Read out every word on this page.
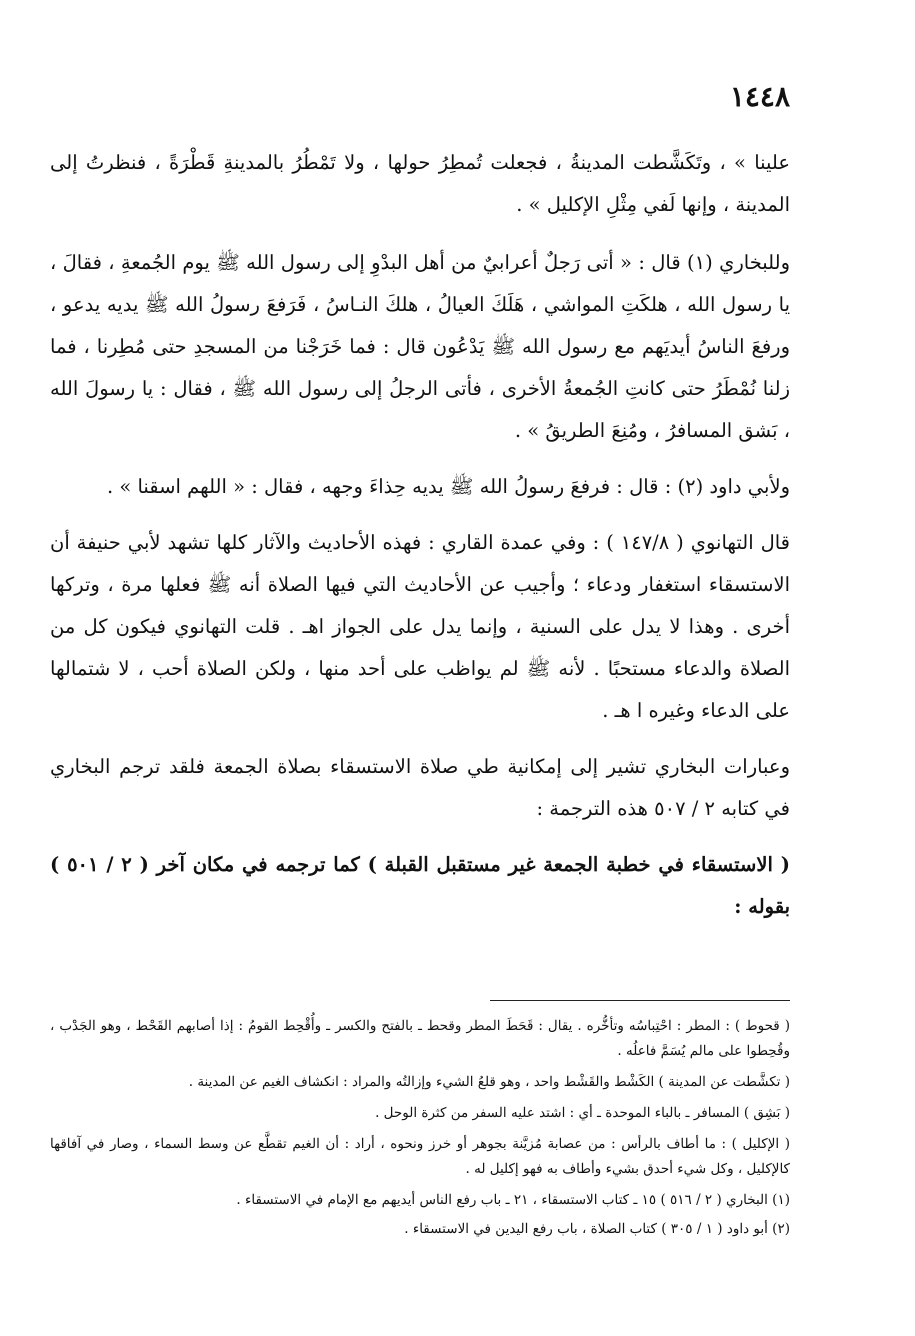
١٤٤٨

علينا » ، وتَكَشَّطت المدينةُ ، فجعلت تُمطِرُ حولها ، ولا تَمْطُرُ بالمدينةِ قَطْرَةً ، فنظرتُ إلى المدينة ، وإنها لَفي مِثْلِ الإكليل » .

وللبخاري (١) قال : « أتى رَجلٌ أعرابيٌ من أهل البدْوِ إلى رسول الله ﷺ يوم الجُمعةِ ، فقالَ ، يا رسول الله ، هلكَتِ المواشي ، هَلَكَ العيالُ ، هلكَ النـاسُ ، فَرَفعَ رسولُ الله ﷺ يديه يدعو ، ورفعَ الناسُ أيديَهم مع رسول الله ﷺ يَدْعُون قال : فما خَرَجْنا من المسجدِ حتى مُطِرنا ، فما زلنا نُمْطَرُ حتى كانتِ الجُمعةُ الأخرى ، فأتى الرجلُ إلى رسول الله ﷺ ، فقال : يا رسولَ الله ، بَشق المسافرُ ، ومُنِعَ الطريقُ » .

ولأبي داود (٢) : قال : فرفعَ رسولُ الله ﷺ يديه حِذاءَ وجهه ، فقال : « اللهم اسقنا » .

قال التهانوي ( ١٤٧/٨ ) : وفي عمدة القاري : فهذه الأحاديث والآثار كلها تشهد لأبي حنيفة أن الاستسقاء استغفار ودعاء ؛ وأجيب عن الأحاديث التي فيها الصلاة أنه ﷺ فعلها مرة ، وتركها أخرى . وهذا لا يدل على السنية ، وإنما يدل على الجواز اهـ . قلت التهانوي فيكون كل من الصلاة والدعاء مستحبًا . لأنه ﷺ لم يواظب على أحد منها ، ولكن الصلاة أحب ، لا شتمالها على الدعاء وغيره ا هـ .

وعبارات البخاري تشير إلى إمكانية طي صلاة الاستسقاء بصلاة الجمعة فلقد ترجم البخاري في كتابه ٢ / ٥٠٧ هذه الترجمة :

( الاستسقاء في خطبة الجمعة غير مستقبل القبلة ) كما ترجمه في مكان آخر ( ٢ / ٥٠١ ) بقوله :

( قحوط ) : المطر : احْتِباسُه وتأخُّره . يقال : قَحَطَ المطر وقحط ـ بالفتح والكسر ـ وأُقْحِط القومُ : إذا أصابهم القَحْط ، وهو الجَدْب ، وقُحِطوا على مالم يُسَمَّ فاعلُه .

( تكشَّطت عن المدينة ) الكَشْط والقَشْط واحد ، وهو قلعُ الشيء وإزالتُه والمراد : انكشاف الغيم عن المدينة .

( بَشِق ) المسافر ـ بالباء الموحدة ـ أي : اشتد عليه السفر من كثرة الوحل .

( الإكليل ) : ما أطاف بالرأس : من عصابة مُزيَّنة بجوهر أو خرز ونحوه ، أراد : أن الغيم تقطَّع عن وسط السماء ، وصار في آفاقها كالإكليل ، وكل شيء أحدق بشيء وأطاف به فهو إكليل له .

(١) البخاري ( ٢ / ٥١٦ ) ١٥ ـ كتاب الاستسقاء ، ٢١ ـ باب رفع الناس أيديهم مع الإمام في الاستسقاء .

(٢) أبو داود ( ١ / ٣٠٥ ) كتاب الصلاة ، باب رفع اليدين في الاستسقاء .
